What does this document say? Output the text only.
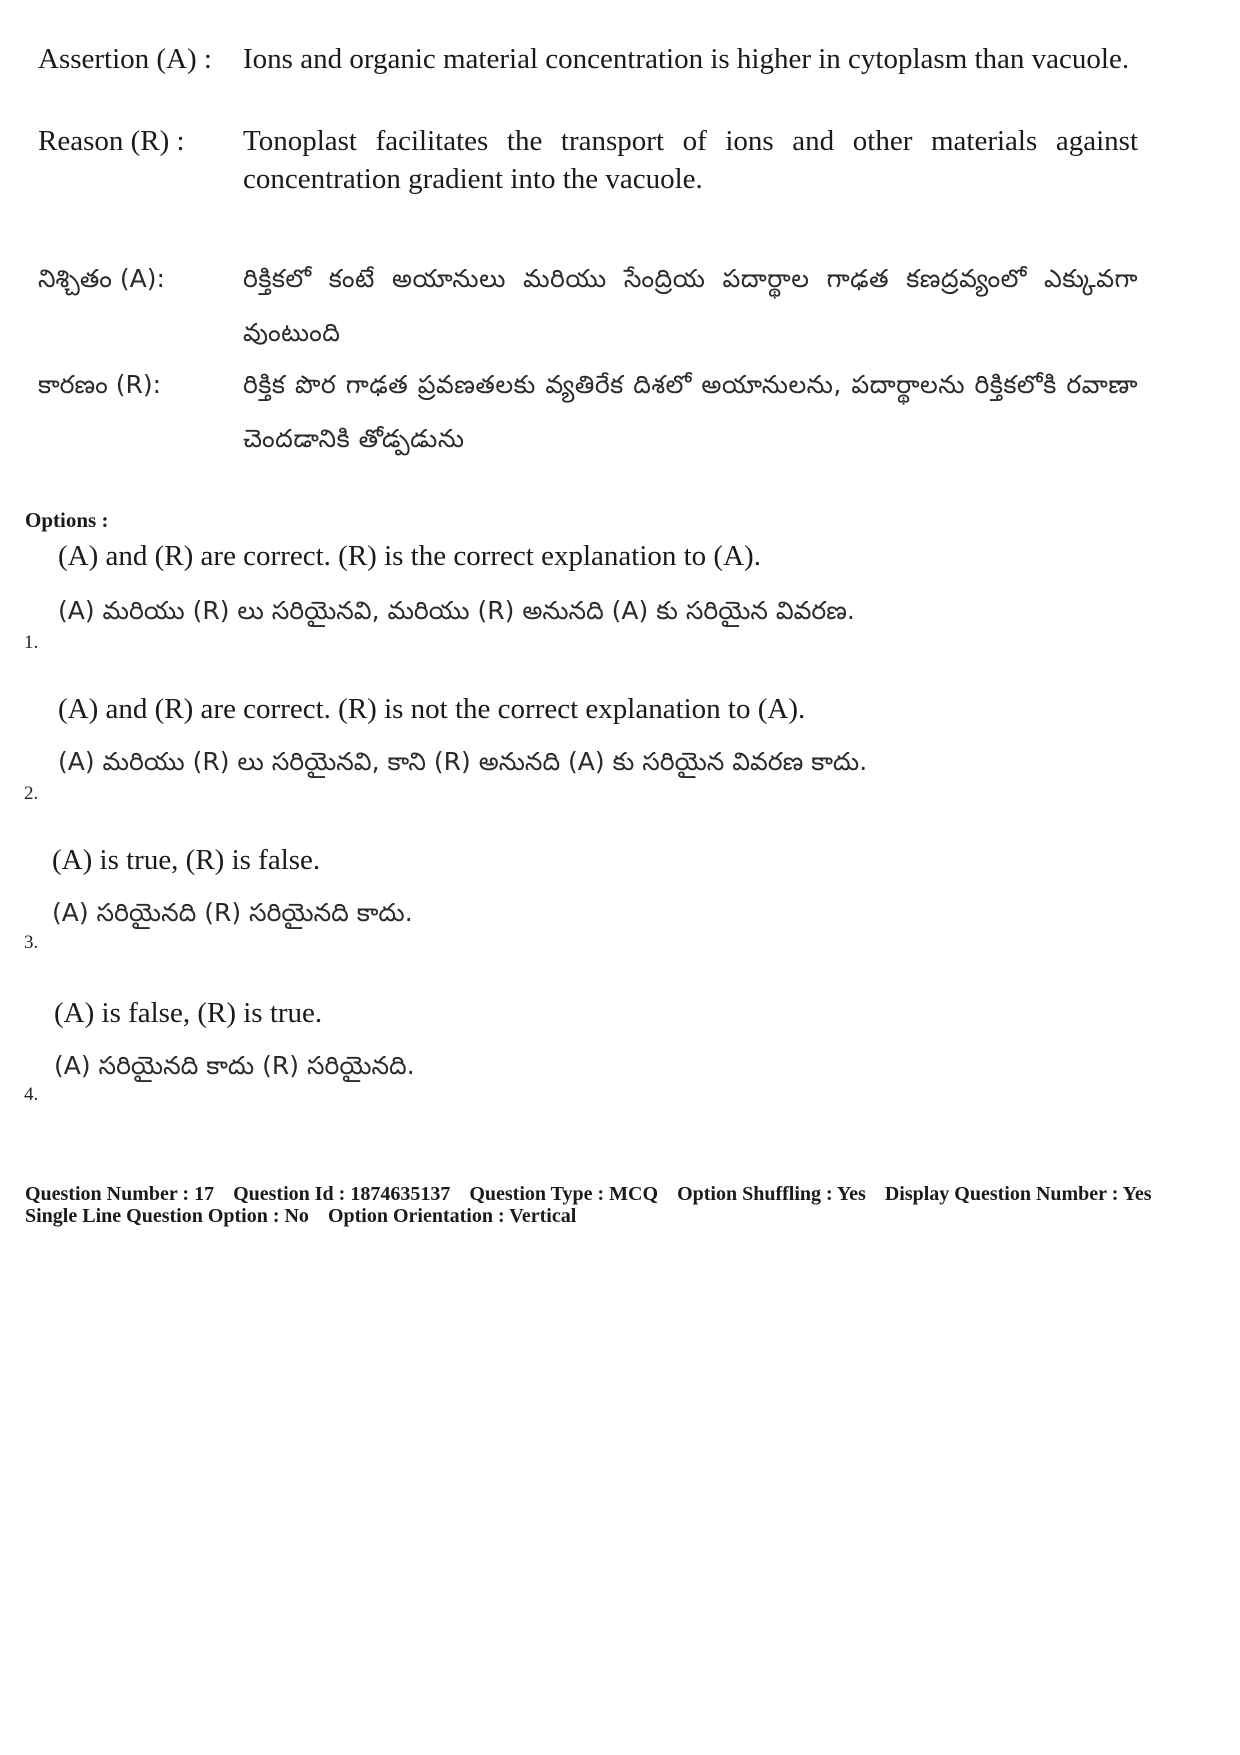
Assertion (A) :	Ions and organic material concentration is higher in cytoplasm than vacuole.
Reason (R) :	Tonoplast facilitates the transport of ions and other materials against concentration gradient into the vacuole.
నిశ్చితం (A):	రిక్తికలో కంటే అయానులు మరియు సేంద్రియ పదార్థాల గాఢత కణద్రవ్యంలో ఎక్కువగా వుంటుంది
కారణం (R):	రిక్తిక పొర గాఢత ప్రవణతలకు వ్యతిరేక దిశలో అయానులను, పదార్థాలను రిక్తికలోకి రవాణా చెందడానికి తోడ్పడును
Options :
(A) and (R) are correct. (R) is the correct explanation to (A).
(A) మరియు (R) లు సరియైనవి, మరియు (R) అనునది (A) కు సరియైన వివరణ.
1.
(A) and (R) are correct. (R) is not the correct explanation to (A).
(A) మరియు (R) లు సరియైనవి, కాని (R) అనునది (A) కు సరియైన వివరణ కాదు.
2.
(A) is true, (R) is false.
(A) సరియైనది (R) సరియైనది కాదు.
3.
(A) is false, (R) is true.
(A) సరియైనది కాదు (R) సరియైనది.
4.
Question Number : 17 Question Id : 1874635137 Question Type : MCQ Option Shuffling : Yes Display Question Number : Yes
Single Line Question Option : No Option Orientation : Vertical
